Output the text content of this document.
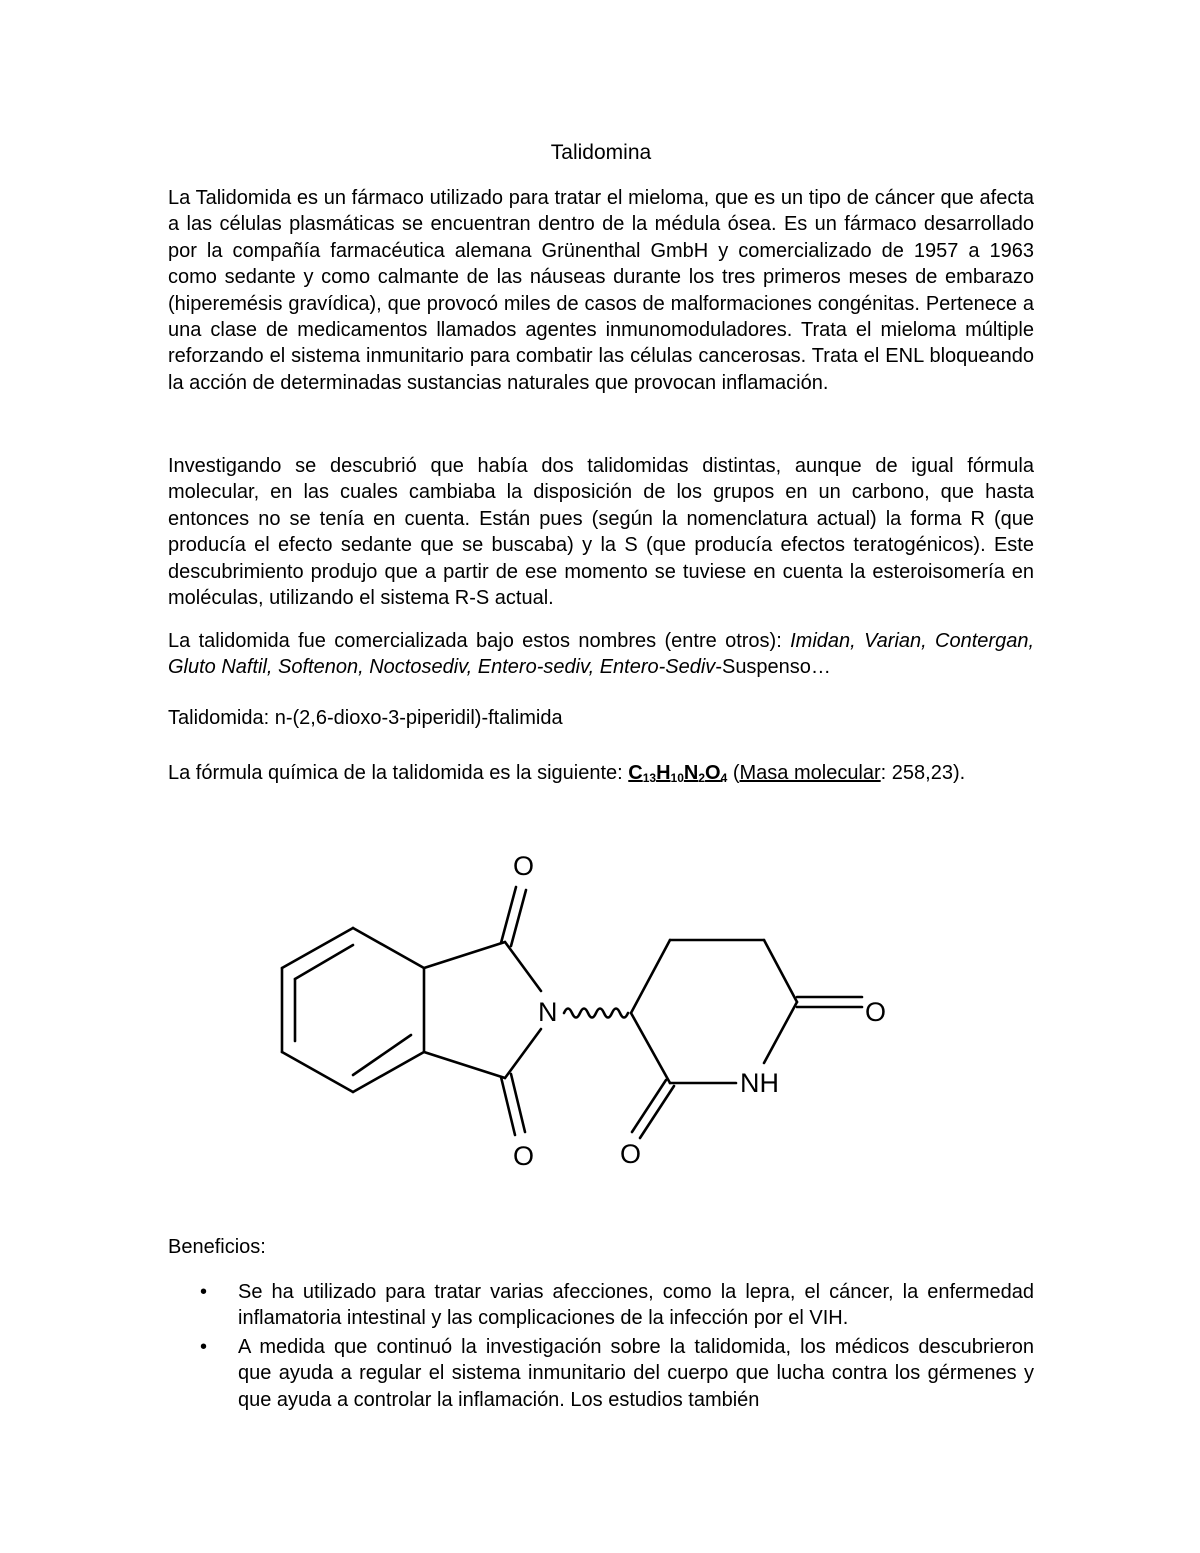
Talidomina

La Talidomida es un fármaco utilizado para tratar el mieloma, que es un tipo de cáncer que afecta a las células plasmáticas se encuentran dentro de la médula ósea. Es un fármaco desarrollado por la compañía farmacéutica alemana Grünenthal GmbH y comercializado de 1957 a 1963 como sedante y como calmante de las náuseas durante los tres primeros meses de embarazo (hiperemésis gravídica), que provocó miles de casos de malformaciones congénitas. Pertenece a una clase de medicamentos llamados agentes inmunomoduladores. Trata el mieloma múltiple reforzando el sistema inmunitario para combatir las células cancerosas. Trata el ENL bloqueando la acción de determinadas sustancias naturales que provocan inflamación.

Investigando se descubrió que había dos talidomidas distintas, aunque de igual fórmula molecular, en las cuales cambiaba la disposición de los grupos en un carbono, que hasta entonces no se tenía en cuenta. Están pues (según la nomenclatura actual) la forma R (que producía el efecto sedante que se buscaba) y la S (que producía efectos teratogénicos). Este descubrimiento produjo que a partir de ese momento se tuviese en cuenta la esteroisomería en moléculas, utilizando el sistema R-S actual.

La talidomida fue comercializada bajo estos nombres (entre otros): Imidan, Varian, Contergan, Gluto Naftil, Softenon, Noctosediv, Entero-sediv, Entero-Sediv-Suspenso…

Talidomida: n-(2,6-dioxo-3-piperidil)-ftalimida

La fórmula química de la talidomida es la siguiente: $C_{13}H_{10}N_2O_4$ (Masa molecular: 258,23).

O
O
N	O
NH
O
Beneficios:
• Se ha utilizado para tratar varias afecciones, como la lepra, el cáncer, la enfermedad inflamatoria intestinal y las complicaciones de la infección por el VIH.
• A medida que continuó la investigación sobre la talidomida, los médicos descubrieron que ayuda a regular el sistema inmunitario del cuerpo que lucha contra los gérmenes y que ayuda a controlar la inflamación. Los estudios también
